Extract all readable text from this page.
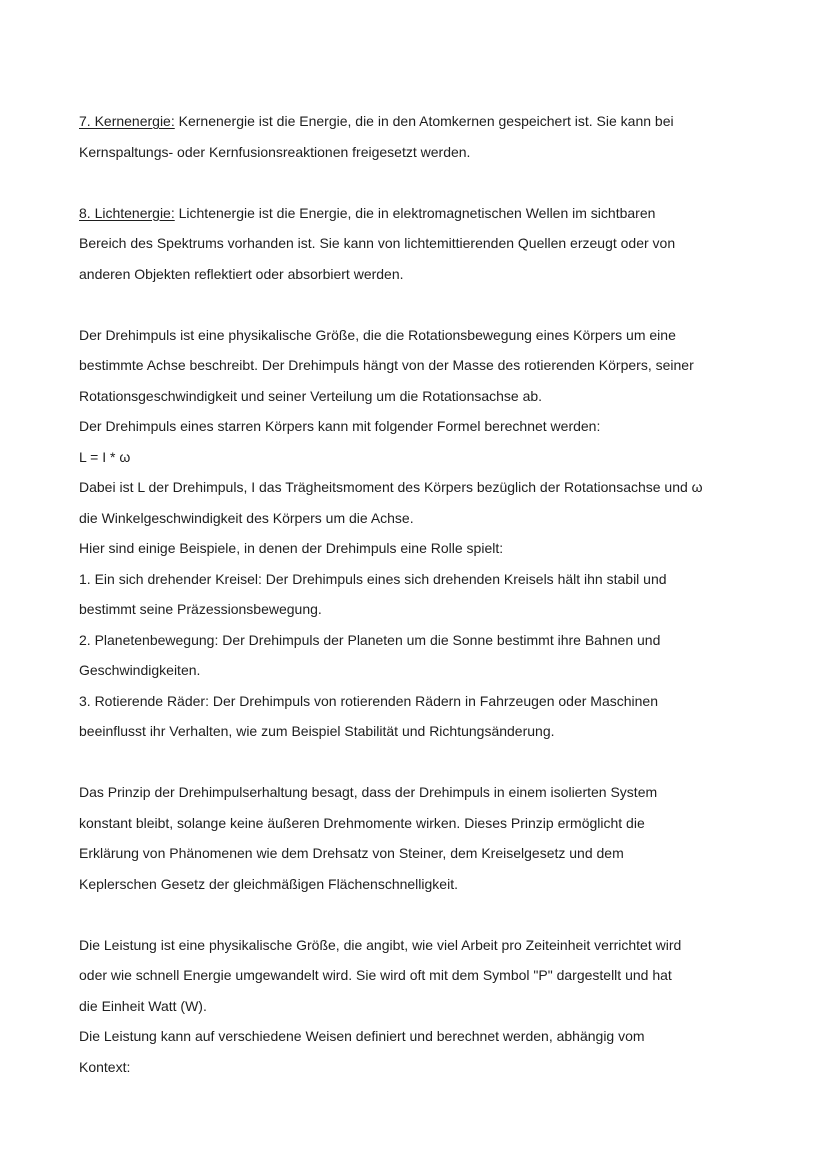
7. Kernenergie: Kernenergie ist die Energie, die in den Atomkernen gespeichert ist. Sie kann bei

Kernspaltungs- oder Kernfusionsreaktionen freigesetzt werden.

8. Lichtenergie: Lichtenergie ist die Energie, die in elektromagnetischen Wellen im sichtbaren

Bereich des Spektrums vorhanden ist. Sie kann von lichtemittierenden Quellen erzeugt oder von

anderen Objekten reflektiert oder absorbiert werden.

Der Drehimpuls ist eine physikalische Größe, die die Rotationsbewegung eines Körpers um eine

bestimmte Achse beschreibt. Der Drehimpuls hängt von der Masse des rotierenden Körpers, seiner

Rotationsgeschwindigkeit und seiner Verteilung um die Rotationsachse ab.

Der Drehimpuls eines starren Körpers kann mit folgender Formel berechnet werden:

L = I * ω

Dabei ist L der Drehimpuls, I das Trägheitsmoment des Körpers bezüglich der Rotationsachse und ω

die Winkelgeschwindigkeit des Körpers um die Achse.

Hier sind einige Beispiele, in denen der Drehimpuls eine Rolle spielt:

1. Ein sich drehender Kreisel: Der Drehimpuls eines sich drehenden Kreisels hält ihn stabil und

bestimmt seine Präzessionsbewegung.

2. Planetenbewegung: Der Drehimpuls der Planeten um die Sonne bestimmt ihre Bahnen und

Geschwindigkeiten.

3. Rotierende Räder: Der Drehimpuls von rotierenden Rädern in Fahrzeugen oder Maschinen

beeinflusst ihr Verhalten, wie zum Beispiel Stabilität und Richtungsänderung.

Das Prinzip der Drehimpulserhaltung besagt, dass der Drehimpuls in einem isolierten System

konstant bleibt, solange keine äußeren Drehmomente wirken. Dieses Prinzip ermöglicht die

Erklärung von Phänomenen wie dem Drehsatz von Steiner, dem Kreiselgesetz und dem

Keplerschen Gesetz der gleichmäßigen Flächenschnelligkeit.

Die Leistung ist eine physikalische Größe, die angibt, wie viel Arbeit pro Zeiteinheit verrichtet wird

oder wie schnell Energie umgewandelt wird. Sie wird oft mit dem Symbol "P" dargestellt und hat

die Einheit Watt (W).

Die Leistung kann auf verschiedene Weisen definiert und berechnet werden, abhängig vom

Kontext:
